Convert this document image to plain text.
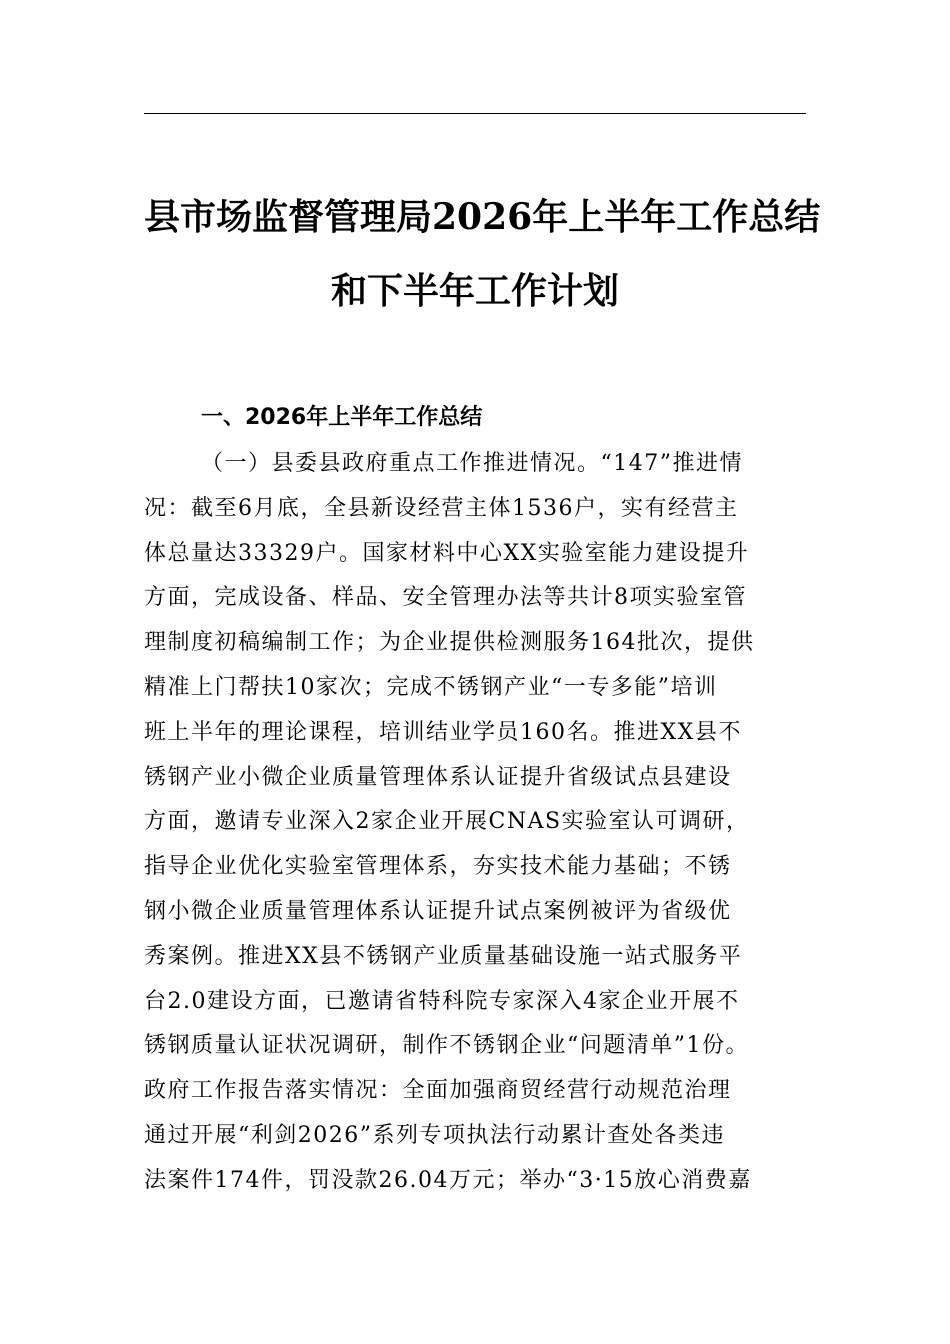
县市场监督管理局2026年上半年工作总结
和下半年工作计划
一、2026年上半年工作总结
（一）县委县政府重点工作推进情况。“147”推进情
况：截至6月底，全县新设经营主体1536户，实有经营主
体总量达33329户。国家材料中心XX实验室能力建设提升
方面，完成设备、样品、安全管理办法等共计8项实验室管
理制度初稿编制工作；为企业提供检测服务164批次，提供
精准上门帮扶10家次；完成不锈钢产业“一专多能”培训
班上半年的理论课程，培训结业学员160名。推进XX县不
锈钢产业小微企业质量管理体系认证提升省级试点县建设
方面，邀请专业深入2家企业开展CNAS实验室认可调研，
指导企业优化实验室管理体系，夯实技术能力基础；不锈
钢小微企业质量管理体系认证提升试点案例被评为省级优
秀案例。推进XX县不锈钢产业质量基础设施一站式服务平
台2.0建设方面，已邀请省特科院专家深入4家企业开展不
锈钢质量认证状况调研，制作不锈钢企业“问题清单”1份。
政府工作报告落实情况：全面加强商贸经营行动规范治理
通过开展“利剑2026”系列专项执法行动累计查处各类违
法案件174件，罚没款26.04万元；举办“3·15放心消费嘉
